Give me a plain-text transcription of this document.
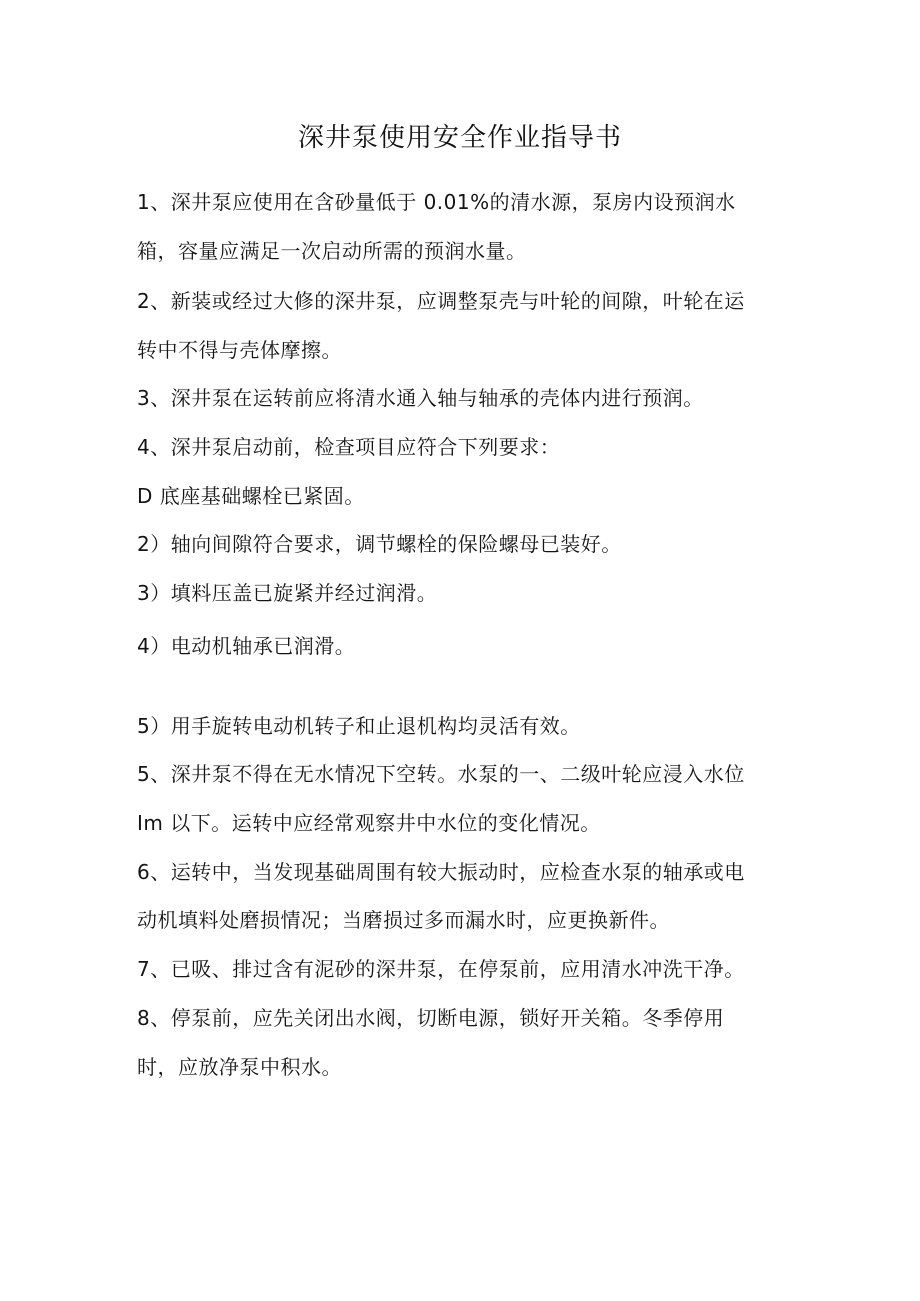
深井泵使用安全作业指导书
1、深井泵应使用在含砂量低于 0.01%的清水源，泵房内设预润水
箱，容量应满足一次启动所需的预润水量。
2、新装或经过大修的深井泵，应调整泵壳与叶轮的间隙，叶轮在运
转中不得与壳体摩擦。
3、深井泵在运转前应将清水通入轴与轴承的壳体内进行预润。
4、深井泵启动前，检查项目应符合下列要求：
D 底座基础螺栓已紧固。
2）轴向间隙符合要求，调节螺栓的保险螺母已装好。
3）填料压盖已旋紧并经过润滑。
4）电动机轴承已润滑。
5）用手旋转电动机转子和止退机构均灵活有效。
5、深井泵不得在无水情况下空转。水泵的一、二级叶轮应浸入水位
Im 以下。运转中应经常观察井中水位的变化情况。
6、运转中，当发现基础周围有较大振动时，应检查水泵的轴承或电
动机填料处磨损情况；当磨损过多而漏水时，应更换新件。
7、已吸、排过含有泥砂的深井泵，在停泵前，应用清水冲洗干净。
8、停泵前，应先关闭出水阀，切断电源，锁好开关箱。冬季停用
时，应放净泵中积水。
